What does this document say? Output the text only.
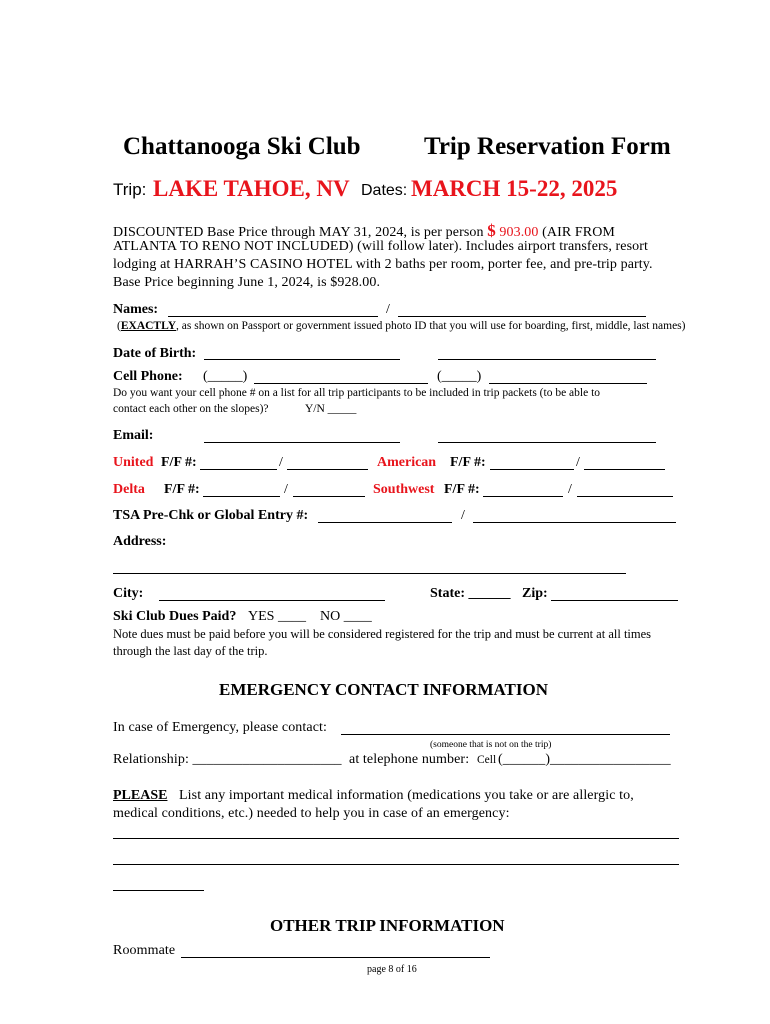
Chattanooga Ski Club	Trip Reservation Form
Trip: LAKE TAHOE, NV Dates: MARCH 15-22, 2025
DISCOUNTED Base Price through MAY 31, 2024, is per person $ 903.00 (AIR FROM
ATLANTA TO RENO NOT INCLUDED) (will follow later). Includes airport transfers, resort
lodging at HARRAH’S CASINO HOTEL with 2 baths per room, porter fee, and pre-trip party.
Base Price beginning June 1, 2024, is $928.00.
Names:	/
(EXACTLY, as shown on Passport or government issued photo ID that you will use for boarding, first, middle, last names)
Date of Birth:
Cell Phone: (_____)	(_____)
Do you want your cell phone # on a list for all trip participants to be included in trip packets (to be able to
contact each other on the slopes)?	Y/N _____
Email:
United F/F #:	/	American F/F #:	/
Delta F/F #:	/	Southwest F/F #:	/
TSA Pre-Chk or Global Entry #:	/
Address:
City:	State: ______ Zip:
Ski Club Dues Paid? YES ____ NO ____
Note dues must be paid before you will be considered registered for the trip and must be current at all times
through the last day of the trip.
EMERGENCY CONTACT INFORMATION
In case of Emergency, please contact:
(someone that is not on the trip)
Relationship: _____________________ at telephone number: Cell (______) _________________
PLEASE List any important medical information (medications you take or are allergic to,
medical conditions, etc.) needed to help you in case of an emergency:
OTHER TRIP INFORMATION
Roommate
page 8 of 16
